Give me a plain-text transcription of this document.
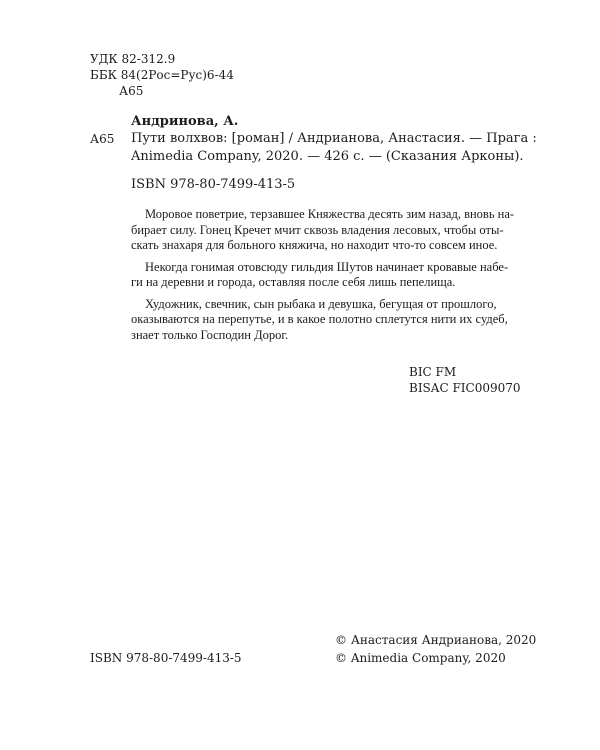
УДК 82-312.9
ББК 84(2Рос=Рус)6-44
А65
Андринова, А.
А65 Пути волхвов: [роман] / Андрианова, Анастасия. — Прага :
Animedia Company, 2020. — 426 с. — (Сказания Арконы).
ISBN 978-80-7499-413-5

Моровое поветрие, терзавшее Княжества десять зим назад, вновь на-
бирает силу. Гонец Кречет мчит сквозь владения лесовых, чтобы оты-
скать знахаря для больного княжича, но находит что-то совсем иное.

Некогда гонимая отовсюду гильдия Шутов начинает кровавые набе-
ги на деревни и города, оставляя после себя лишь пепелища.

Художник, свечник, сын рыбака и девушка, бегущая от прошлого,
оказываются на перепутье, и в какое полотно сплетутся нити их судеб,
знает только Господин Дорог.

BIC FM
BISAC FIC009070
ISBN 978-80-7499-413-5
© Анастасия Андрианова, 2020
© Animedia Company, 2020
